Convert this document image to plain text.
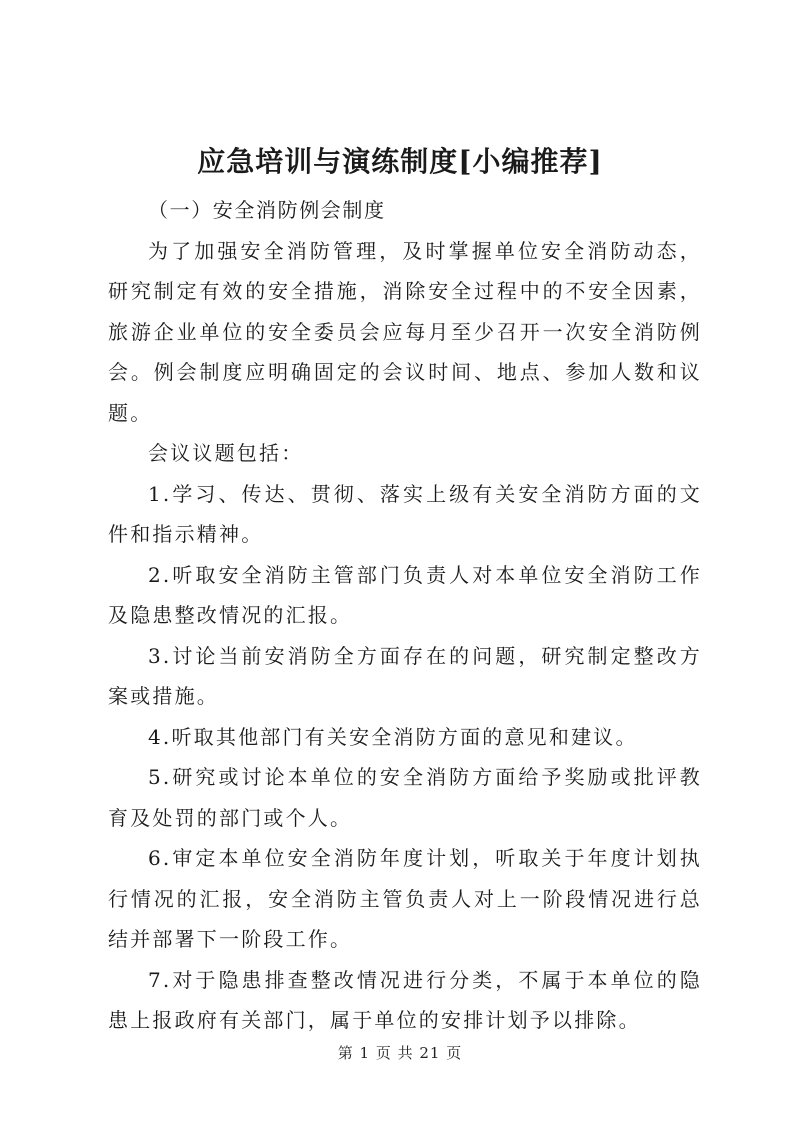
应急培训与演练制度[小编推荐]

（一）安全消防例会制度

为了加强安全消防管理，及时掌握单位安全消防动态，研究制定有效的安全措施，消除安全过程中的不安全因素，旅游企业单位的安全委员会应每月至少召开一次安全消防例会。例会制度应明确固定的会议时间、地点、参加人数和议题。

会议议题包括：

1.学习、传达、贯彻、落实上级有关安全消防方面的文件和指示精神。

2.听取安全消防主管部门负责人对本单位安全消防工作及隐患整改情况的汇报。

3.讨论当前安消防全方面存在的问题，研究制定整改方案或措施。

4.听取其他部门有关安全消防方面的意见和建议。

5.研究或讨论本单位的安全消防方面给予奖励或批评教育及处罚的部门或个人。

6.审定本单位安全消防年度计划，听取关于年度计划执行情况的汇报，安全消防主管负责人对上一阶段情况进行总结并部署下一阶段工作。

7.对于隐患排查整改情况进行分类，不属于本单位的隐患上报政府有关部门，属于单位的安排计划予以排除。

第 1 页 共 21 页
